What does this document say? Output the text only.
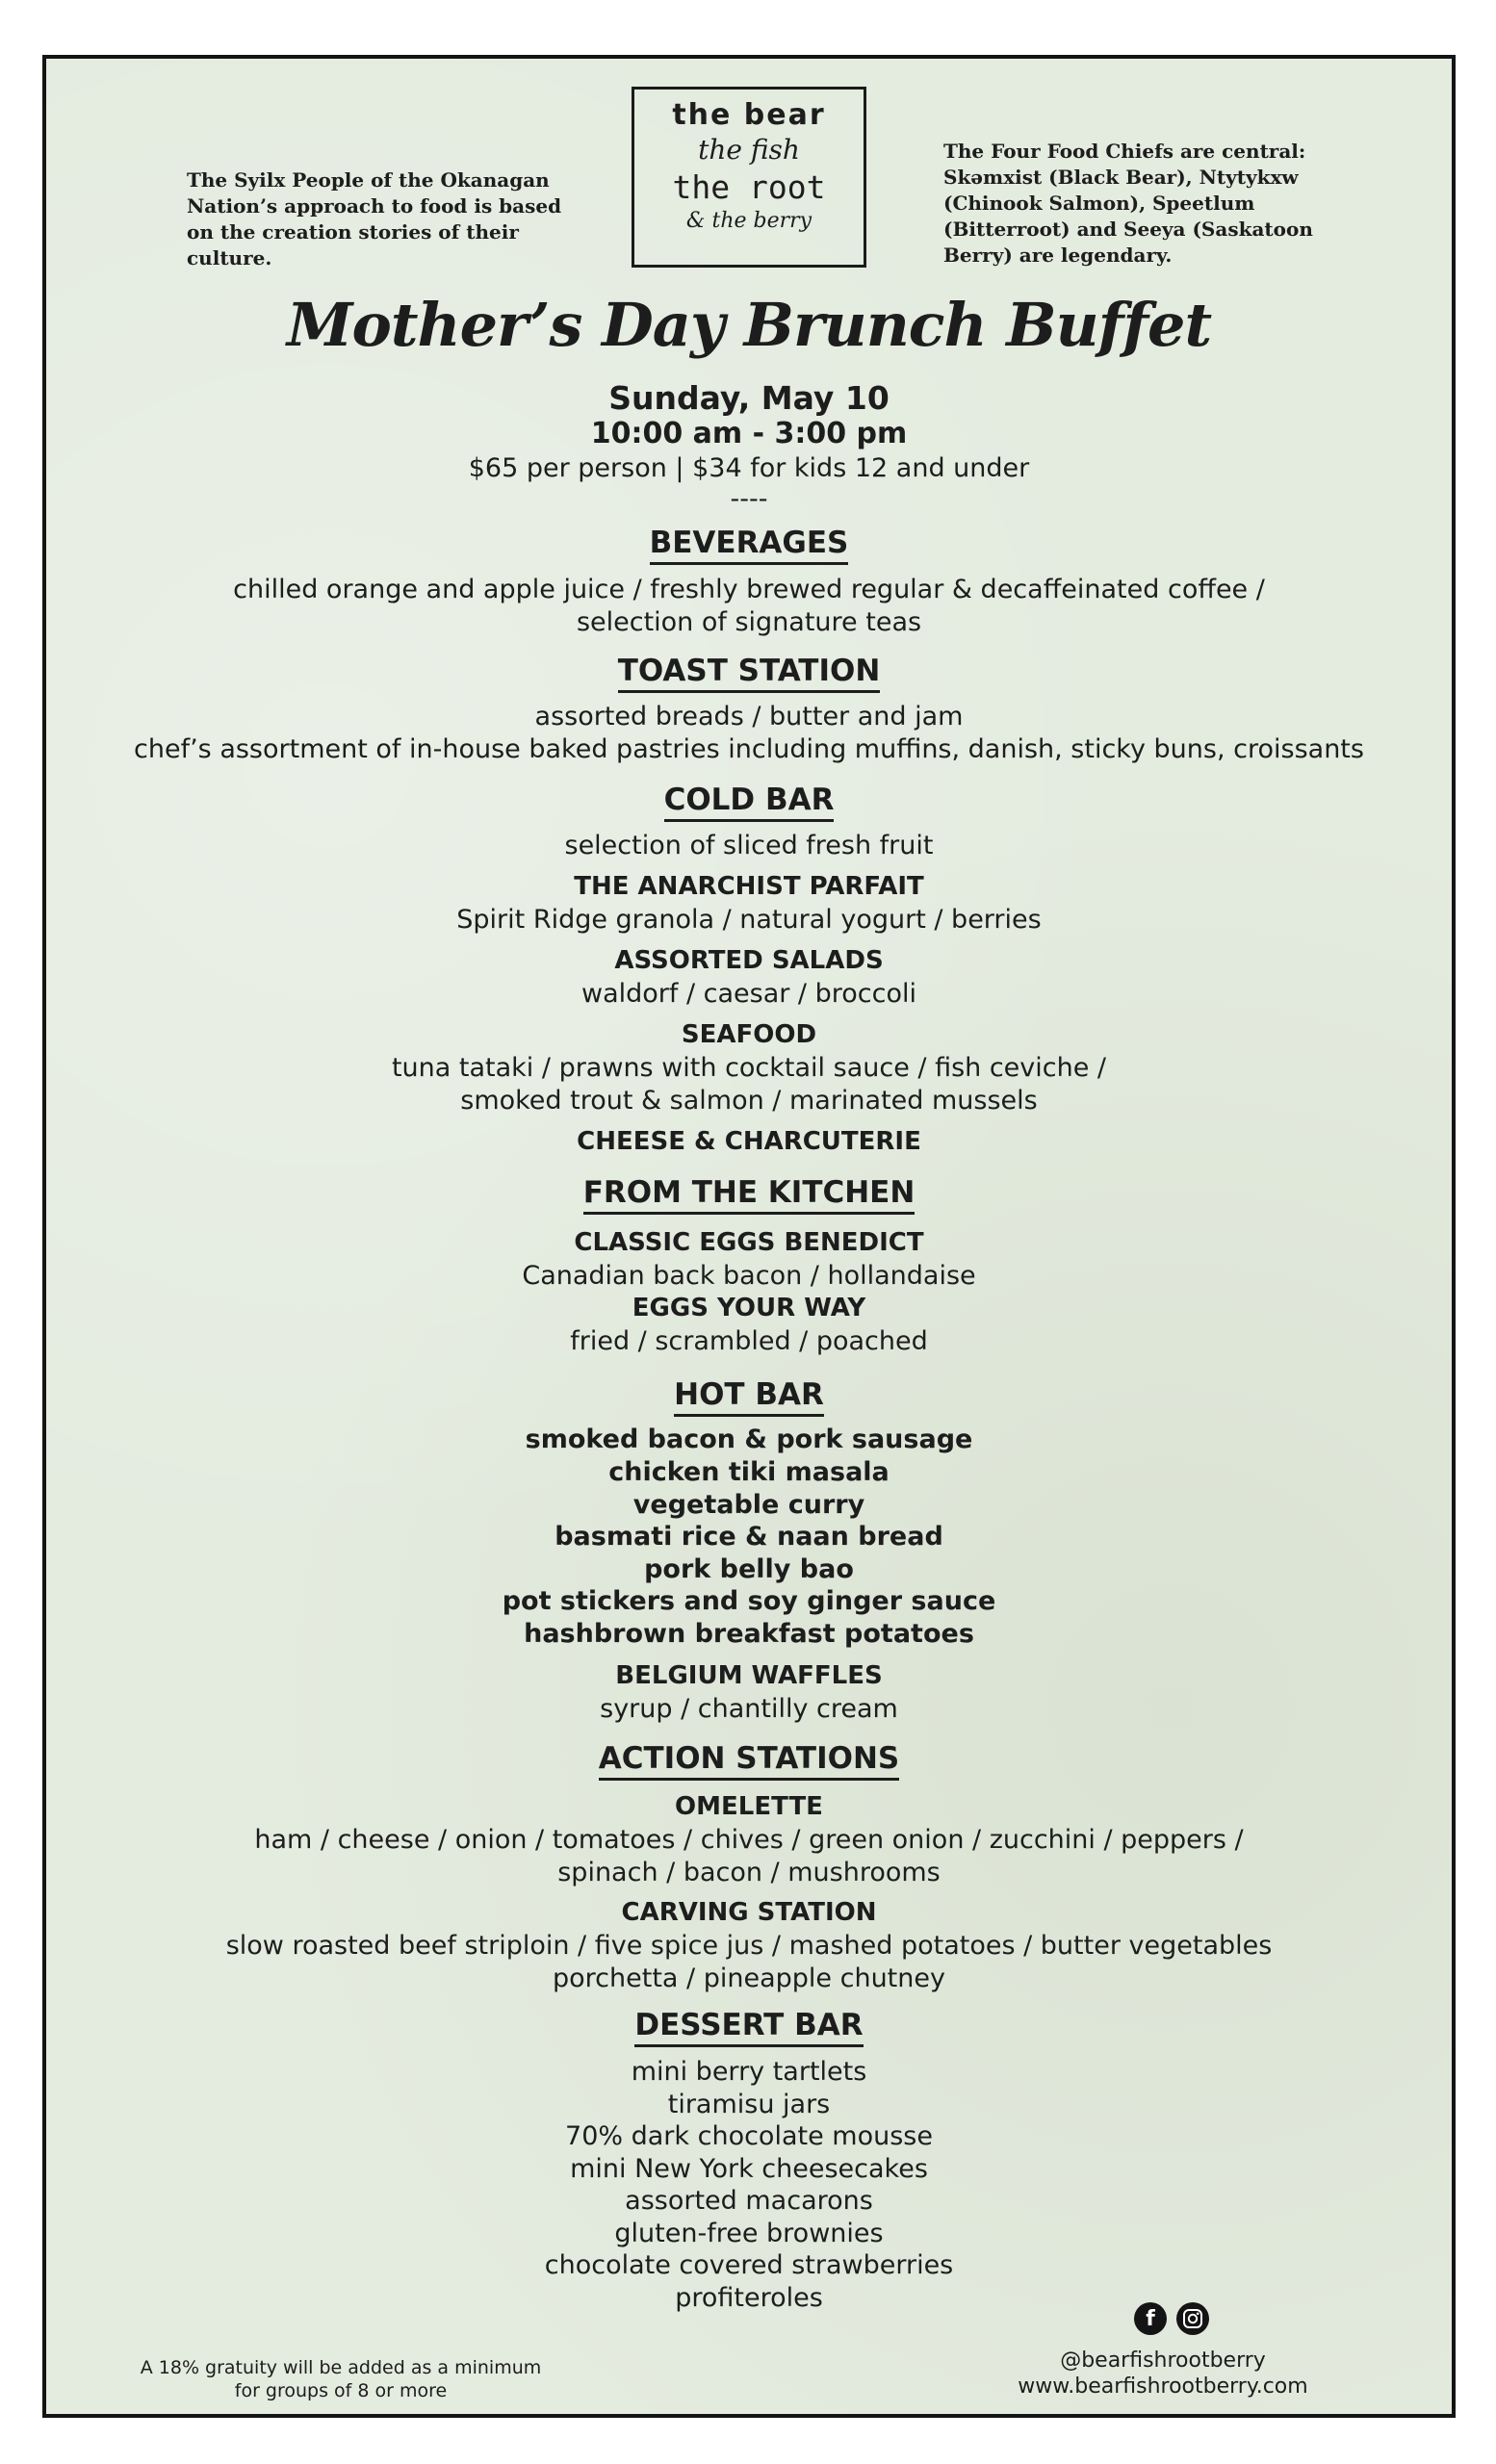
The Syilx People of the Okanagan Nation’s approach to food is based on the creation stories of their culture.
the bear
the fish
the root
& the berry
The Four Food Chiefs are central: Skəmxist (Black Bear), Ntytykxw (Chinook Salmon), Speetlum (Bitterroot) and Seeya (Saskatoon Berry) are legendary.
Mother’s Day Brunch Buffet
Sunday, May 10
10:00 am - 3:00 pm
$65 per person | $34 for kids 12 and under
----
BEVERAGES
chilled orange and apple juice / freshly brewed regular & decaffeinated coffee /
selection of signature teas
TOAST STATION
assorted breads / butter and jam
chef’s assortment of in-house baked pastries including muffins, danish, sticky buns, croissants
COLD BAR
selection of sliced fresh fruit
THE ANARCHIST PARFAIT
Spirit Ridge granola / natural yogurt / berries
ASSORTED SALADS
waldorf / caesar / broccoli
SEAFOOD
tuna tataki / prawns with cocktail sauce / fish ceviche /
smoked trout & salmon / marinated mussels
CHEESE & CHARCUTERIE
FROM THE KITCHEN
CLASSIC EGGS BENEDICT
Canadian back bacon / hollandaise
EGGS YOUR WAY
fried / scrambled / poached
HOT BAR
smoked bacon & pork sausage
chicken tiki masala
vegetable curry
basmati rice & naan bread
pork belly bao
pot stickers and soy ginger sauce
hashbrown breakfast potatoes
BELGIUM WAFFLES
syrup / chantilly cream
ACTION STATIONS
OMELETTE
ham / cheese / onion / tomatoes / chives / green onion / zucchini / peppers /
spinach / bacon / mushrooms
CARVING STATION
slow roasted beef striploin / five spice jus / mashed potatoes / butter vegetables
porchetta / pineapple chutney
DESSERT BAR
mini berry tartlets
tiramisu jars
70% dark chocolate mousse
mini New York cheesecakes
assorted macarons
gluten-free brownies
chocolate covered strawberries
profiteroles
A 18% gratuity will be added as a minimum
for groups of 8 or more
f
@bearfishrootberry
www.bearfishrootberry.com
